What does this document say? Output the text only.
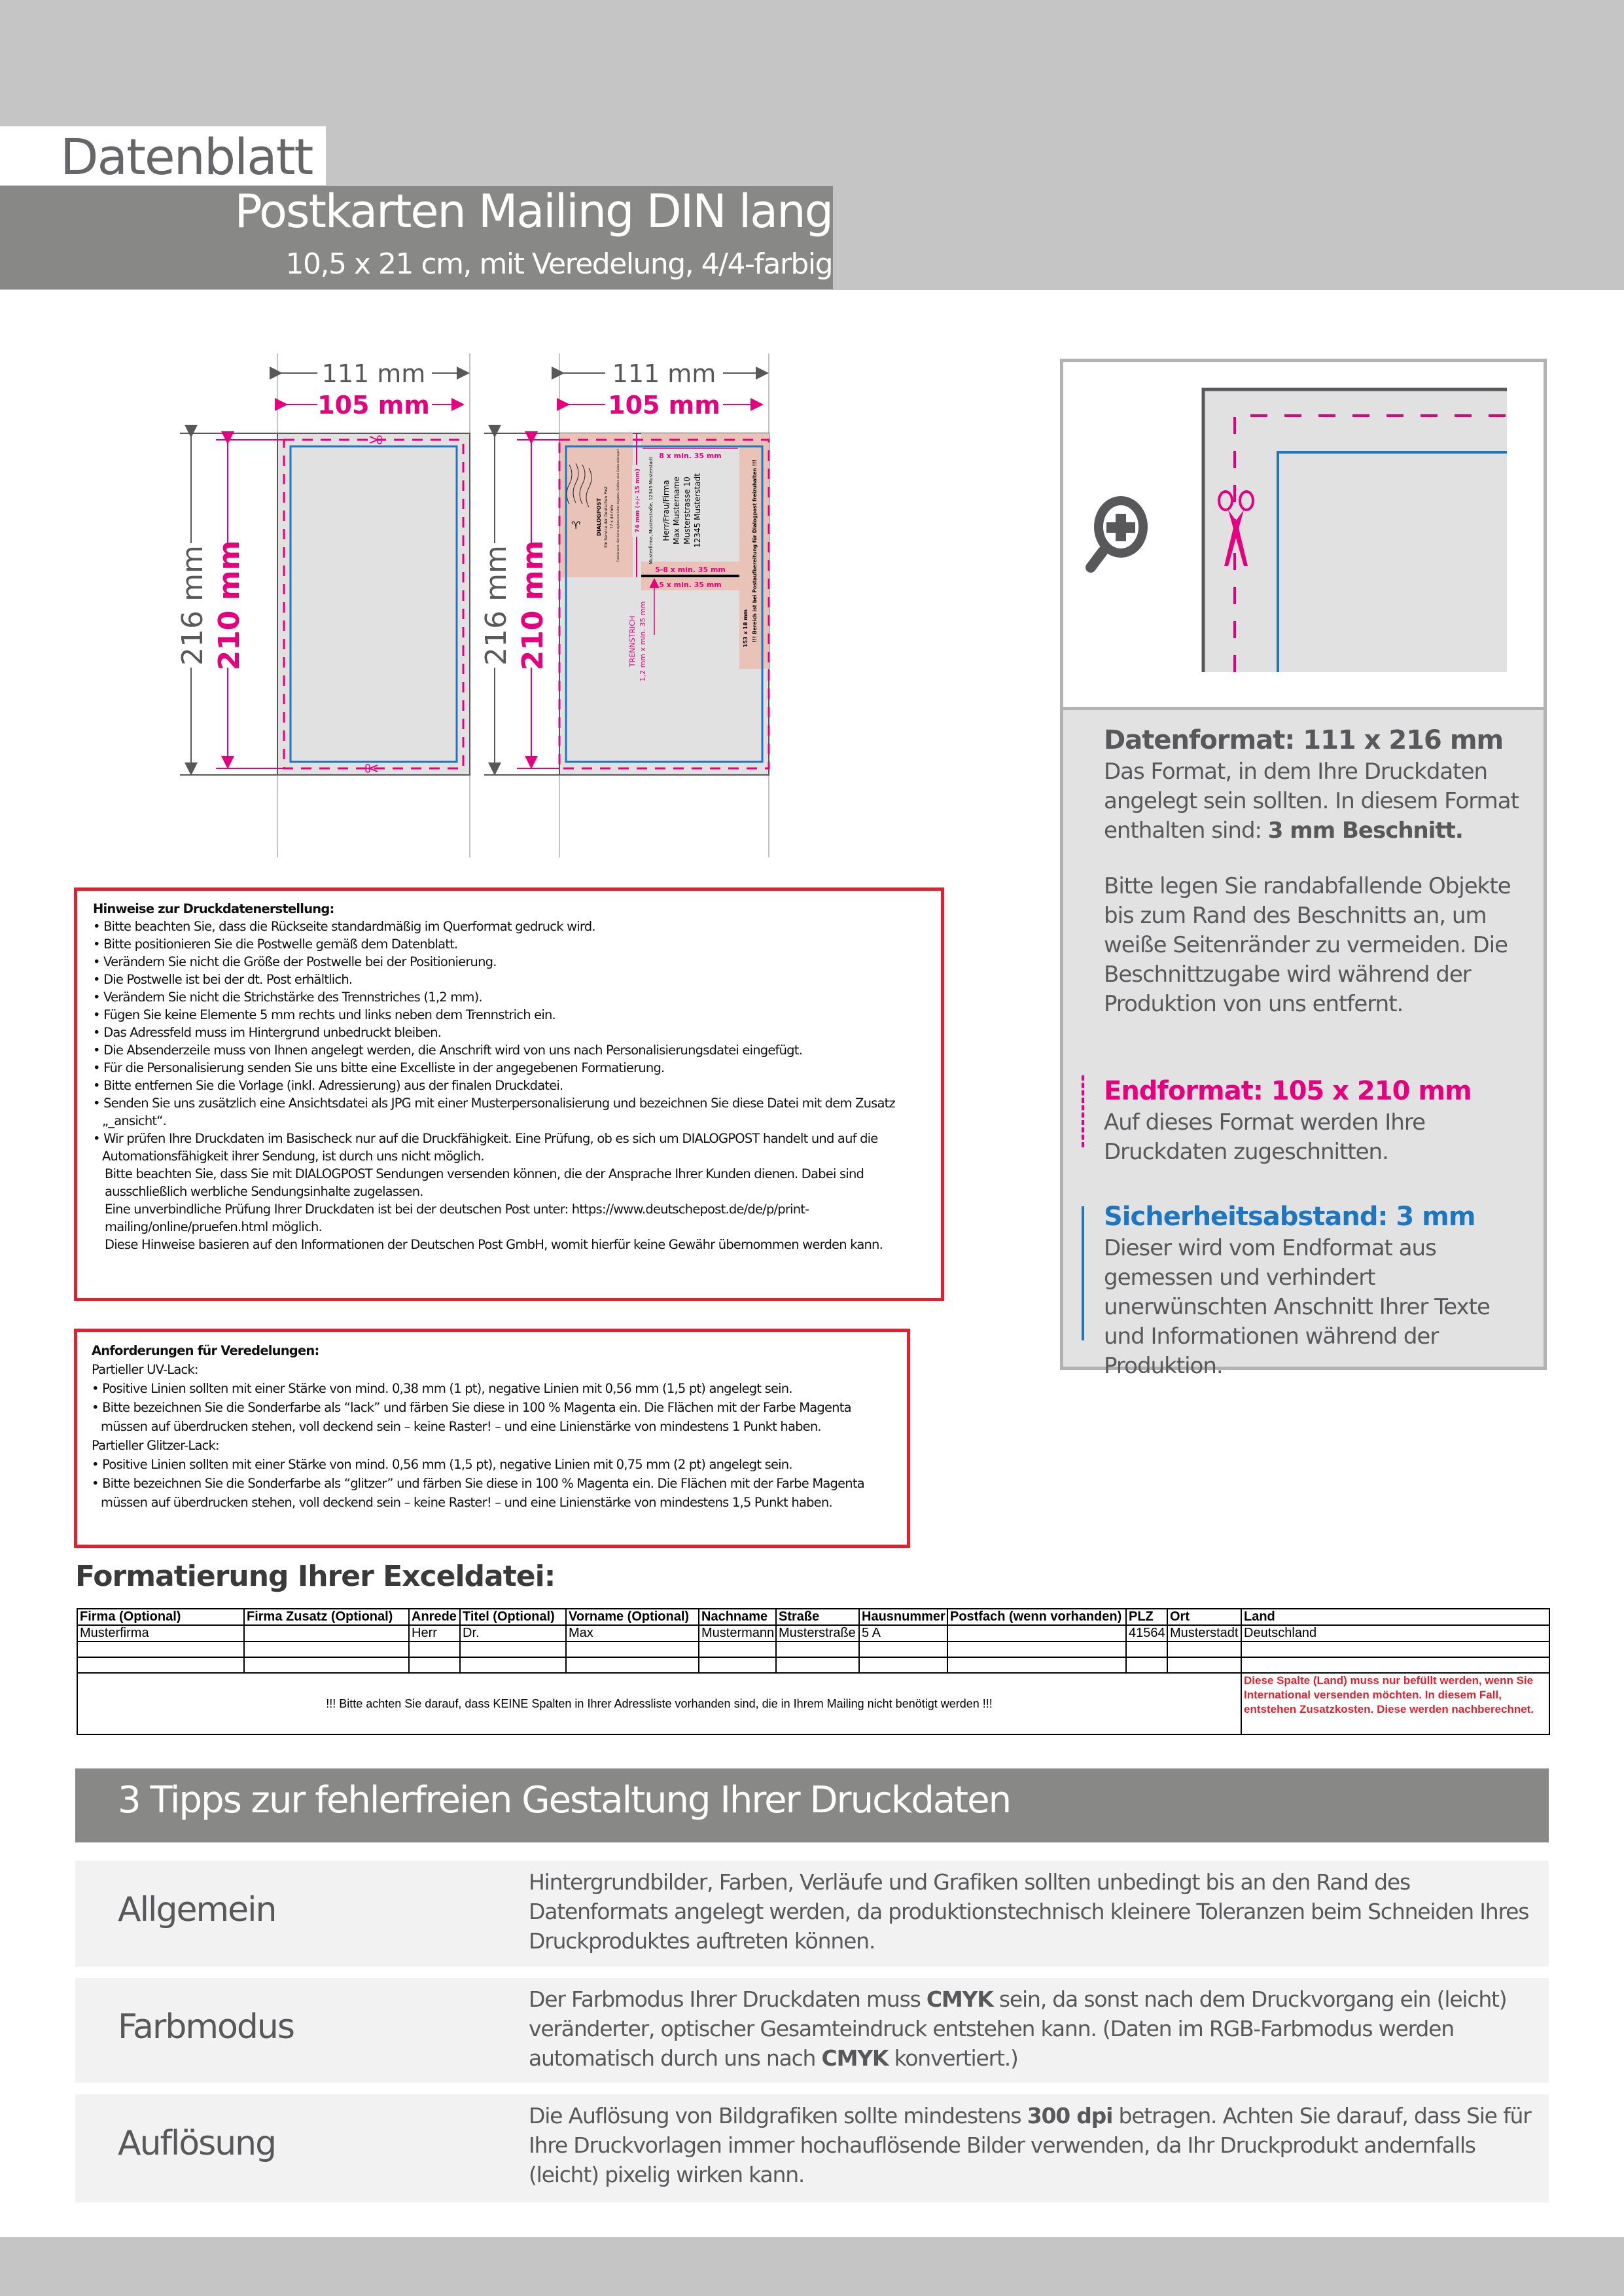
Datenblatt
Postkarten Mailing DIN lang
10,5 x 21 cm, mit Veredelung, 4/4-farbig
111 mm
105 mm
216 mm 210 mm
111 mm
105 mm
74 mm (+/- 15 mm)
8 x min. 35 mm
5-8 x min. 35 mm
5 x min. 35 mm
TRENNSTRICH 1,2 mm x min. 35 mm
♈	DIALOGPOST Ein Service der Deutschen Post 77 x 43 mm Frankierzone: Hier keine alphanumerischen Angaben, Grafiken oder Codes anbringen!	Musterfirma, Musterstraße, 12345 Musterstadt Herr/Frau/Firma Max Mustername Musterstrasse 10 12345 Musterstadt
153 x 18 mm !!! Bereich ist bei Postaufbereitung für Dialogpost freizuhalten !!!
216 mm 210 mm
Datenformat: 111 x 216 mm
Das Format, in dem Ihre Druckdaten angelegt sein sollten. In diesem Format enthalten sind: 3 mm Beschnitt.
Bitte legen Sie randabfallende Objekte bis zum Rand des Beschnitts an, um weiße Seitenränder zu vermeiden. Die Beschnittzugabe wird während der Produktion von uns entfernt.
Endformat: 105 x 210 mm
Auf dieses Format werden Ihre Druckdaten zugeschnitten.
Sicherheitsabstand: 3 mm
Dieser wird vom Endformat aus gemessen und verhindert unerwünschten Anschnitt Ihrer Texte und Informationen während der Produktion.
Hinweise zur Druckdatenerstellung:
• Bitte beachten Sie, dass die Rückseite standardmäßig im Querformat gedruck wird.
• Bitte positionieren Sie die Postwelle gemäß dem Datenblatt.
• Verändern Sie nicht die Größe der Postwelle bei der Positionierung.
• Die Postwelle ist bei der dt. Post erhältlich.
• Verändern Sie nicht die Strichstärke des Trennstriches (1,2 mm).
• Fügen Sie keine Elemente 5 mm rechts und links neben dem Trennstrich ein.
• Das Adressfeld muss im Hintergrund unbedruckt bleiben.
• Die Absenderzeile muss von Ihnen angelegt werden, die Anschrift wird von uns nach Personalisierungsdatei eingefügt.
• Für die Personalisierung senden Sie uns bitte eine Excelliste in der angegebenen Formatierung.
• Bitte entfernen Sie die Vorlage (inkl. Adressierung) aus der finalen Druckdatei.
• Senden Sie uns zusätzlich eine Ansichtsdatei als JPG mit einer Musterpersonalisierung und bezeichnen Sie diese Datei mit dem Zusatz „_ansicht“.
• Wir prüfen Ihre Druckdaten im Basischeck nur auf die Druckfähigkeit. Eine Prüfung, ob es sich um DIALOGPOST handelt und auf die Automationsfähigkeit ihrer Sendung, ist durch uns nicht möglich.
Bitte beachten Sie, dass Sie mit DIALOGPOST Sendungen versenden können, die der Ansprache Ihrer Kunden dienen. Dabei sind ausschließlich werbliche Sendungsinhalte zugelassen.
Eine unverbindliche Prüfung Ihrer Druckdaten ist bei der deutschen Post unter: https://www.deutschepost.de/de/p/print-mailing/online/pruefen.html möglich.
Diese Hinweise basieren auf den Informationen der Deutschen Post GmbH, womit hierfür keine Gewähr übernommen werden kann.
Anforderungen für Veredelungen:
Partieller UV-Lack:
• Positive Linien sollten mit einer Stärke von mind. 0,38 mm (1 pt), negative Linien mit 0,56 mm (1,5 pt) angelegt sein.
• Bitte bezeichnen Sie die Sonderfarbe als “lack” und färben Sie diese in 100 % Magenta ein. Die Flächen mit der Farbe Magenta müssen auf überdrucken stehen, voll deckend sein – keine Raster! – und eine Linienstärke von mindestens 1 Punkt haben.
Partieller Glitzer-Lack:
• Positive Linien sollten mit einer Stärke von mind. 0,56 mm (1,5 pt), negative Linien mit 0,75 mm (2 pt) angelegt sein.
• Bitte bezeichnen Sie die Sonderfarbe als “glitzer” und färben Sie diese in 100 % Magenta ein. Die Flächen mit der Farbe Magenta müssen auf überdrucken stehen, voll deckend sein – keine Raster! – und eine Linienstärke von mindestens 1,5 Punkt haben.
Formatierung Ihrer Exceldatei:
Firma (Optional)	Firma Zusatz (Optional)	Anrede	Titel (Optional)	Vorname (Optional)	Nachname	Straße	Hausnummer	Postfach (wenn vorhanden)	PLZ	Ort	Land
Musterfirma		Herr	Dr.	Max	Mustermann	Musterstraße	5 A		41564	Musterstadt	Deutschland

!!! Bitte achten Sie darauf, dass KEINE Spalten in Ihrer Adressliste vorhanden sind, die in Ihrem Mailing nicht benötigt werden !!!											Diese Spalte (Land) muss nur befüllt werden, wenn Sie International versenden möchten. In diesem Fall, entstehen Zusatzkosten. Diese werden nachberechnet.
3 Tipps zur fehlerfreien Gestaltung Ihrer Druckdaten
Allgemein
Hintergrundbilder, Farben, Verläufe und Grafiken sollten unbedingt bis an den Rand des Datenformats angelegt werden, da produktionstechnisch kleinere Toleranzen beim Schneiden Ihres Druckproduktes auftreten können.
Farbmodus
Der Farbmodus Ihrer Druckdaten muss CMYK sein, da sonst nach dem Druckvorgang ein (leicht) veränderter, optischer Gesamteindruck entstehen kann. (Daten im RGB-Farbmodus werden automatisch durch uns nach CMYK konvertiert.)
Auflösung
Die Auflösung von Bildgrafiken sollte mindestens 300 dpi betragen. Achten Sie darauf, dass Sie für Ihre Druckvorlagen immer hochauflösende Bilder verwenden, da Ihr Druckprodukt andernfalls (leicht) pixelig wirken kann.
